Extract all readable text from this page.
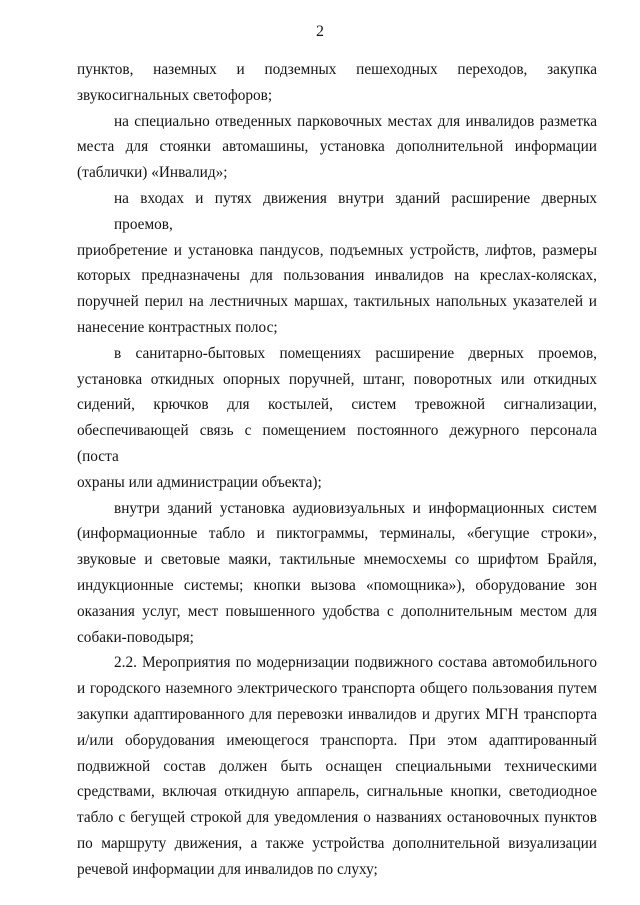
2

пунктов, наземных и подземных пешеходных переходов, закупка
звукосигнальных светофоров;

на специально отведенных парковочных местах для инвалидов разметка
места для стоянки автомашины, установка дополнительной информации
(таблички) «Инвалид»;

на входах и путях движения внутри зданий расширение дверных проемов,
приобретение и установка пандусов, подъемных устройств, лифтов, размеры
которых предназначены для пользования инвалидов на креслах-колясках,
поручней перил на лестничных маршах, тактильных напольных указателей и
нанесение контрастных полос;

в санитарно-бытовых помещениях расширение дверных проемов,
установка откидных опорных поручней, штанг, поворотных или откидных
сидений, крючков для костылей, систем тревожной сигнализации,
обеспечивающей связь с помещением постоянного дежурного персонала (поста
охраны или администрации объекта);

внутри зданий установка аудиовизуальных и информационных систем
(информационные табло и пиктограммы, терминалы, «бегущие строки»,
звуковые и световые маяки, тактильные мнемосхемы со шрифтом Брайля,
индукционные системы; кнопки вызова «помощника»), оборудование зон
оказания услуг, мест повышенного удобства с дополнительным местом для
собаки-поводыря;

2.2. Мероприятия по модернизации подвижного состава автомобильного
и городского наземного электрического транспорта общего пользования путем
закупки адаптированного для перевозки инвалидов и других МГН транспорта
и/или оборудования имеющегося транспорта. При этом адаптированный
подвижной состав должен быть оснащен специальными техническими
средствами, включая откидную аппарель, сигнальные кнопки, светодиодное
табло с бегущей строкой для уведомления о названиях остановочных пунктов
по маршруту движения, а также устройства дополнительной визуализации
речевой информации для инвалидов по слуху;
